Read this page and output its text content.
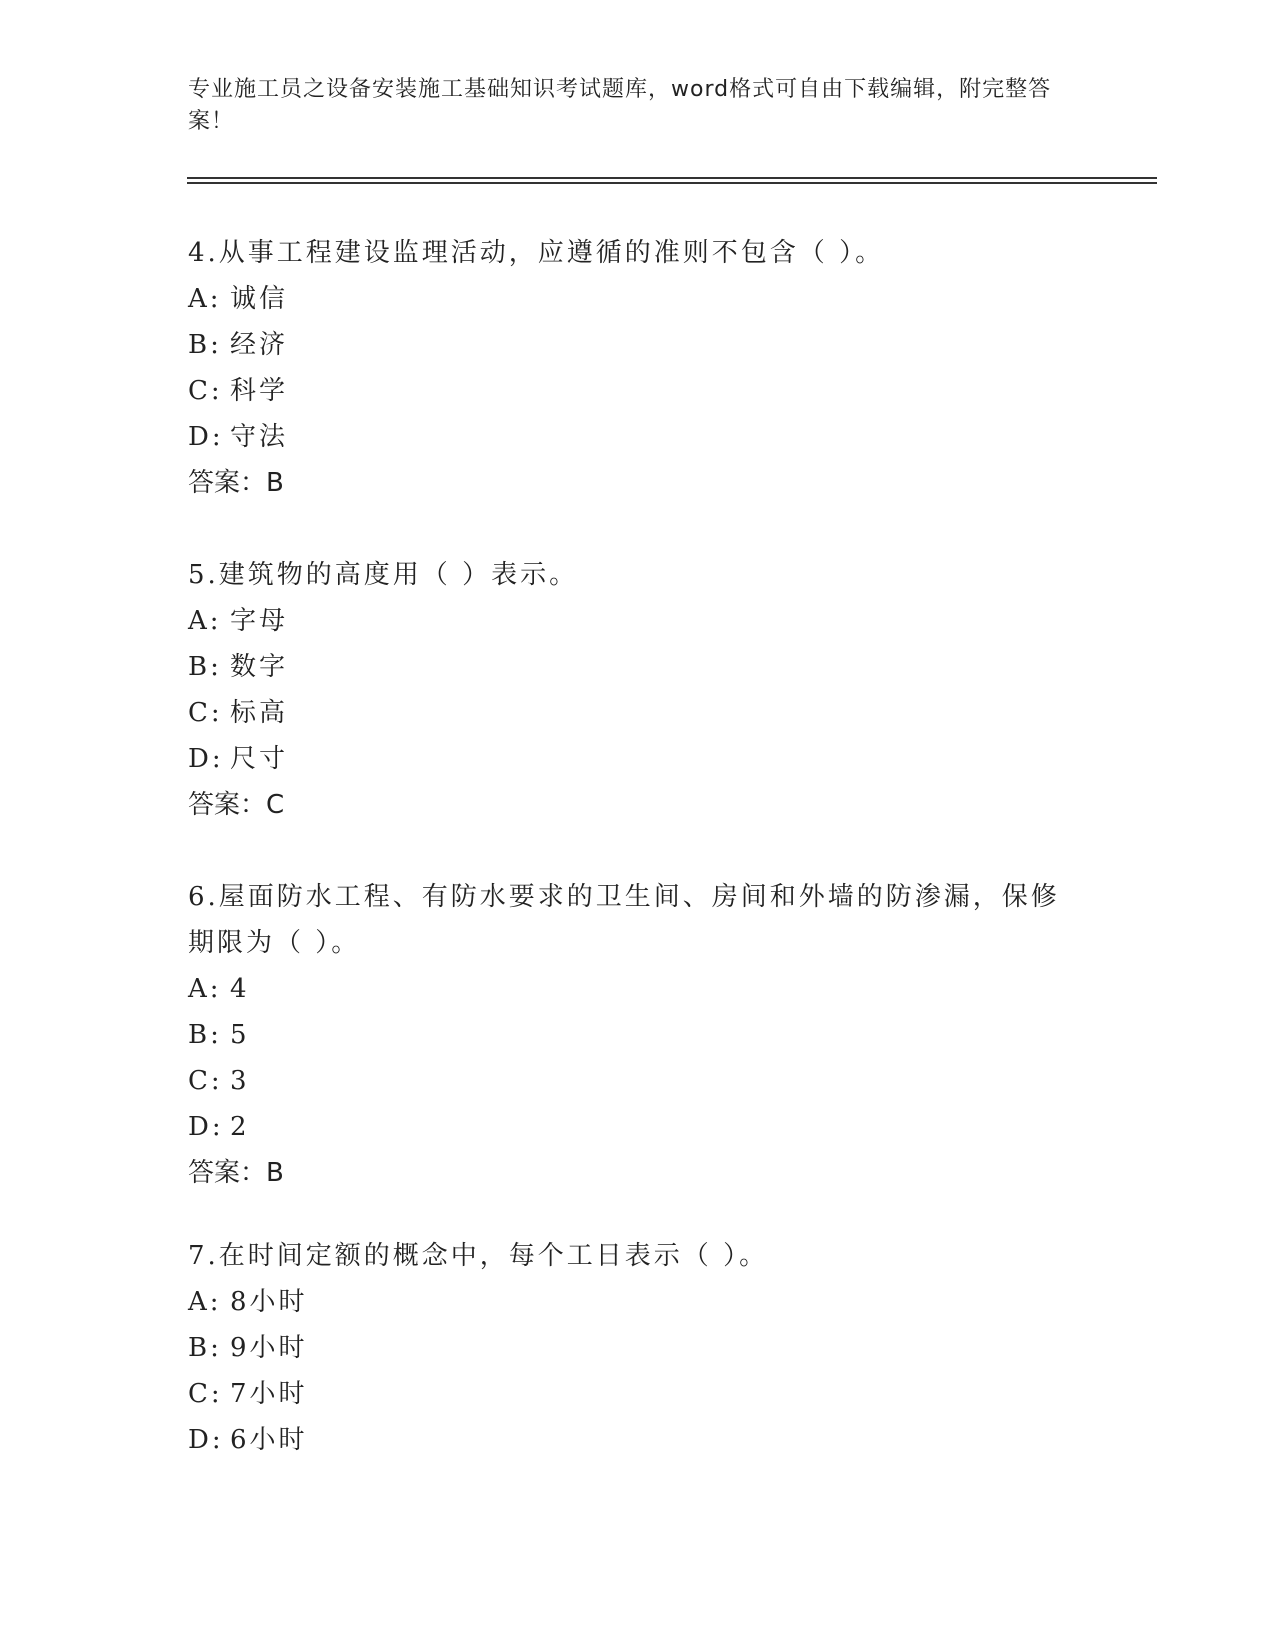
专业施工员之设备安装施工基础知识考试题库，word格式可自由下载编辑，附完整答案！
4.从事工程建设监理活动，应遵循的准则不包含（ ）。
A: 诚信
B: 经济
C: 科学
D: 守法
答案：B
5.建筑物的高度用（ ）表示。
A: 字母
B: 数字
C: 标高
D: 尺寸
答案：C
6.屋面防水工程、有防水要求的卫生间、房间和外墙的防渗漏，保修期限为（ ）。
A: 4
B: 5
C: 3
D: 2
答案：B
7.在时间定额的概念中，每个工日表示（ ）。
A: 8小时
B: 9小时
C: 7小时
D: 6小时
